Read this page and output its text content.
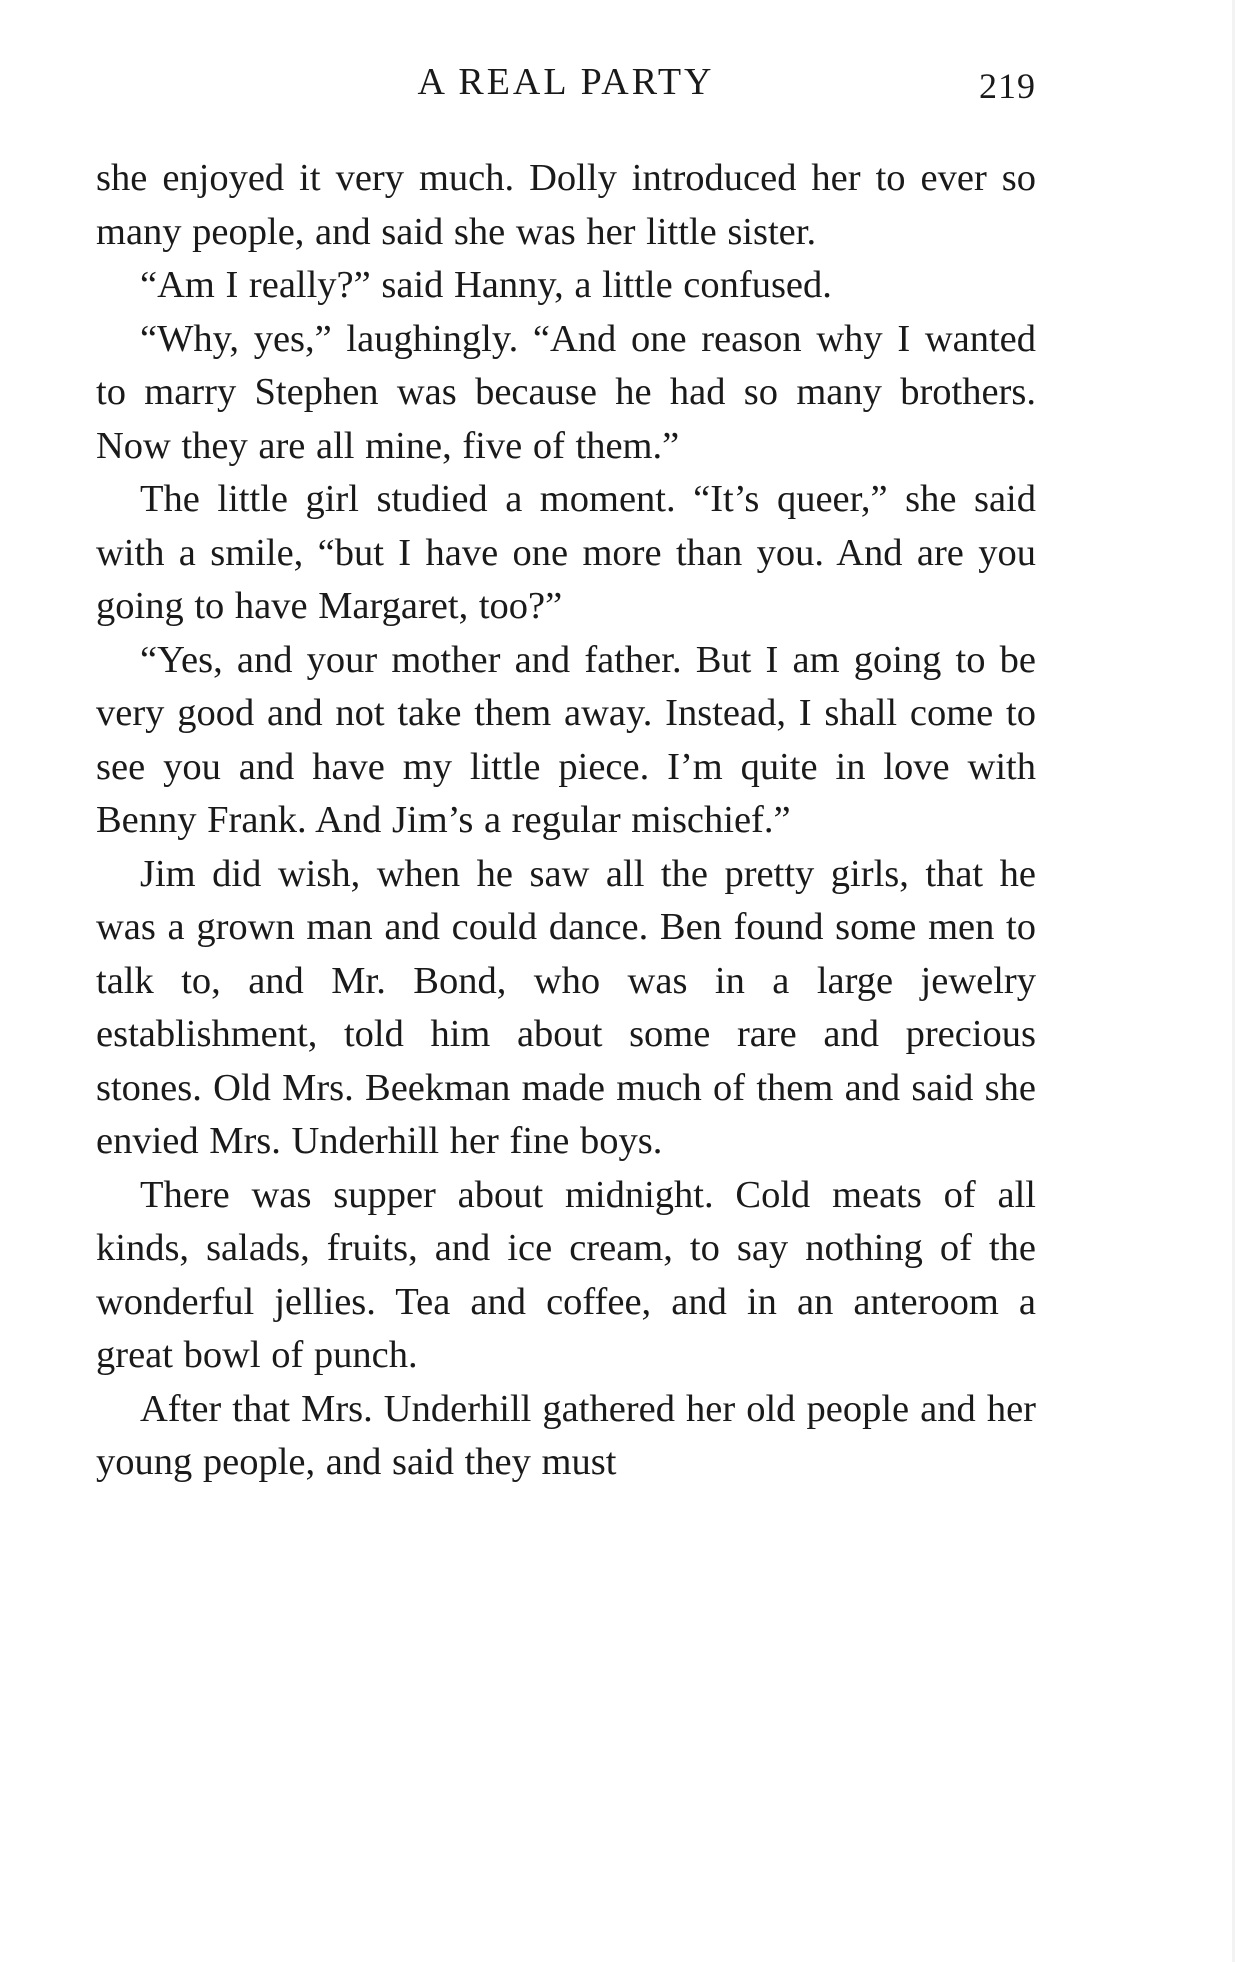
A REAL PARTY	219

she enjoyed it very much. Dolly introduced her to ever so many people, and said she was her little sister.

“Am I really?” said Hanny, a little confused.

“Why, yes,” laughingly. “And one reason why I wanted to marry Stephen was because he had so many brothers. Now they are all mine, five of them.”

The little girl studied a moment. “It’s queer,” she said with a smile, “but I have one more than you. And are you going to have Margaret, too?”

“Yes, and your mother and father. But I am going to be very good and not take them away. Instead, I shall come to see you and have my little piece. I’m quite in love with Benny Frank. And Jim’s a regular mischief.”

Jim did wish, when he saw all the pretty girls, that he was a grown man and could dance. Ben found some men to talk to, and Mr. Bond, who was in a large jewelry establishment, told him about some rare and precious stones. Old Mrs. Beekman made much of them and said she envied Mrs. Underhill her fine boys.

There was supper about midnight. Cold meats of all kinds, salads, fruits, and ice cream, to say nothing of the wonderful jellies. Tea and coffee, and in an anteroom a great bowl of punch.

After that Mrs. Underhill gathered her old people and her young people, and said they must
